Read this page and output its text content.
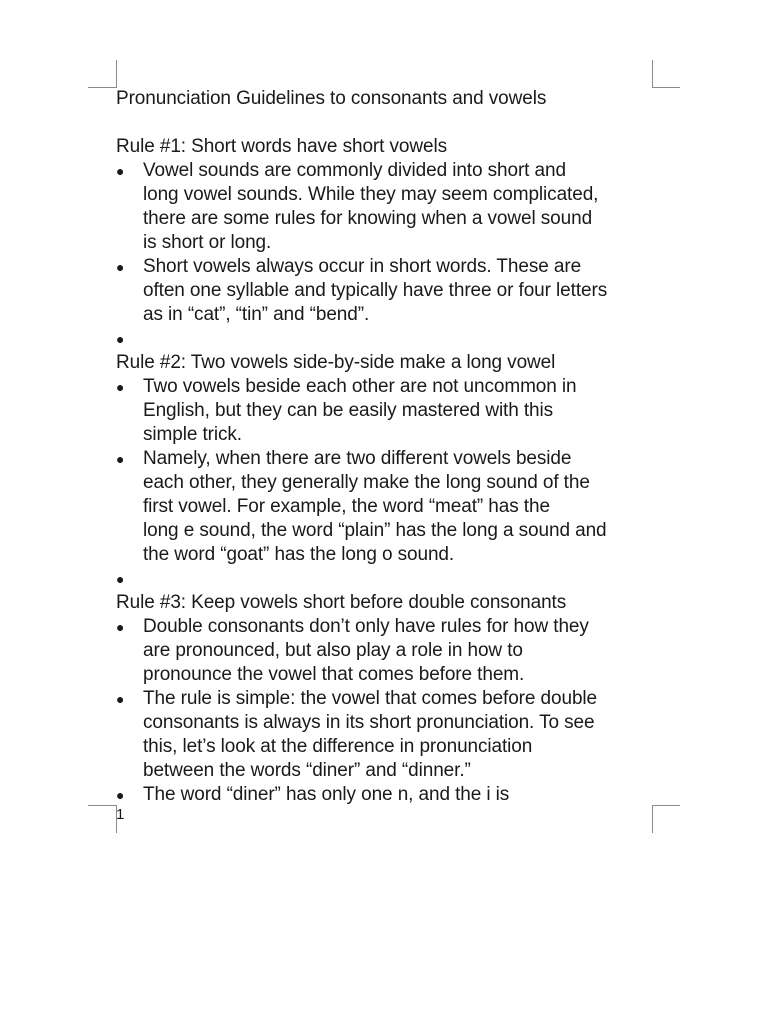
Pronunciation Guidelines to consonants and vowels

Rule #1: Short words have short vowels

● Vowel sounds are commonly divided into short and
long vowel sounds. While they may seem complicated,
there are some rules for knowing when a vowel sound
is short or long.
● Short vowels always occur in short words. These are
often one syllable and typically have three or four letters
as in “cat”, “tin” and “bend”.
●

Rule #2: Two vowels side-by-side make a long vowel

● Two vowels beside each other are not uncommon in
English, but they can be easily mastered with this
simple trick.
● Namely, when there are two different vowels beside
each other, they generally make the long sound of the
first vowel. For example, the word “meat” has the
long e sound, the word “plain” has the long a sound and
the word “goat” has the long o sound.
●

Rule #3: Keep vowels short before double consonants

● Double consonants don’t only have rules for how they
are pronounced, but also play a role in how to
pronounce the vowel that comes before them.
● The rule is simple: the vowel that comes before double
consonants is always in its short pronunciation. To see
this, let’s look at the difference in pronunciation
between the words “diner” and “dinner.”
● The word “diner” has only one n, and the i is
1
